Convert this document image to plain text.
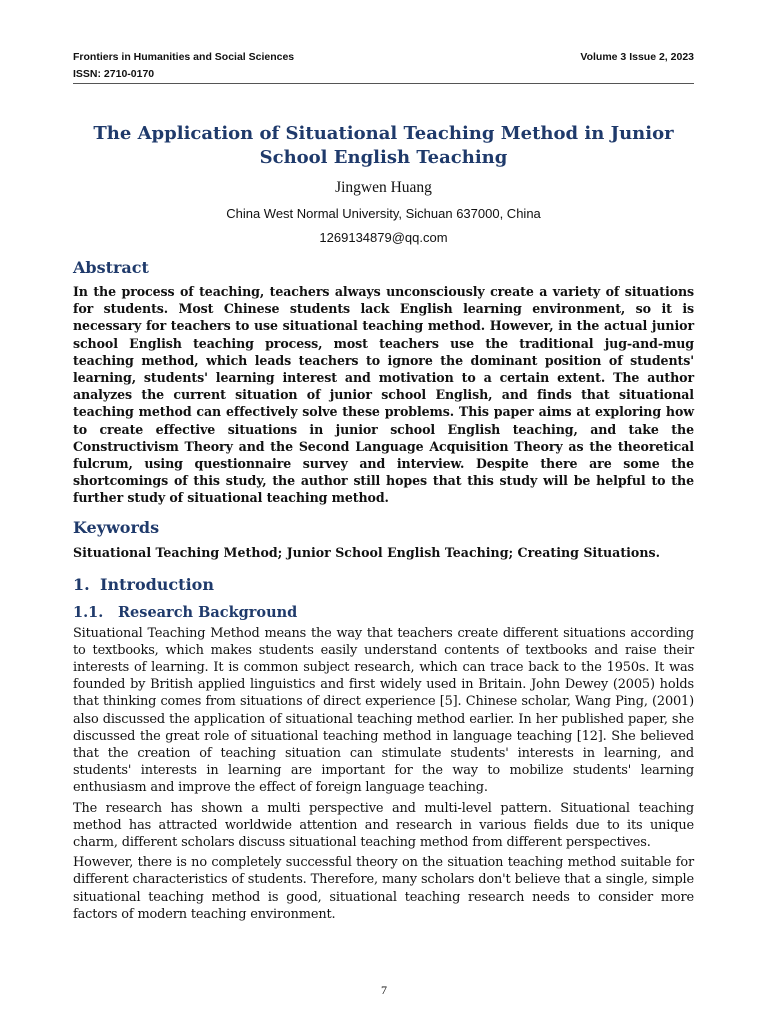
Frontiers in Humanities and Social Sciences	Volume 3 Issue 2, 2023
ISSN: 2710-0170
The Application of Situational Teaching Method in Junior School English Teaching
Jingwen Huang
China West Normal University, Sichuan 637000, China
1269134879@qq.com
Abstract

In the process of teaching, teachers always unconsciously create a variety of situations for students. Most Chinese students lack English learning environment, so it is necessary for teachers to use situational teaching method. However, in the actual junior school English teaching process, most teachers use the traditional jug-and-mug teaching method, which leads teachers to ignore the dominant position of students' learning, students' learning interest and motivation to a certain extent. The author analyzes the current situation of junior school English, and finds that situational teaching method can effectively solve these problems. This paper aims at exploring how to create effective situations in junior school English teaching, and take the Constructivism Theory and the Second Language Acquisition Theory as the theoretical fulcrum, using questionnaire survey and interview. Despite there are some the shortcomings of this study, the author still hopes that this study will be helpful to the further study of situational teaching method.

Keywords
Situational Teaching Method; Junior School English Teaching; Creating Situations.
1. Introduction
1.1.	Research Background

Situational Teaching Method means the way that teachers create different situations according to textbooks, which makes students easily understand contents of textbooks and raise their interests of learning. It is common subject research, which can trace back to the 1950s. It was founded by British applied linguistics and first widely used in Britain. John Dewey (2005) holds that thinking comes from situations of direct experience [5]. Chinese scholar, Wang Ping, (2001) also discussed the application of situational teaching method earlier. In her published paper, she discussed the great role of situational teaching method in language teaching [12]. She believed that the creation of teaching situation can stimulate students' interests in learning, and students' interests in learning are important for the way to mobilize students' learning enthusiasm and improve the effect of foreign language teaching.

The research has shown a multi perspective and multi-level pattern. Situational teaching method has attracted worldwide attention and research in various fields due to its unique charm, different scholars discuss situational teaching method from different perspectives.

However, there is no completely successful theory on the situation teaching method suitable for different characteristics of students. Therefore, many scholars don't believe that a single, simple situational teaching method is good, situational teaching research needs to consider more factors of modern teaching environment.

7
